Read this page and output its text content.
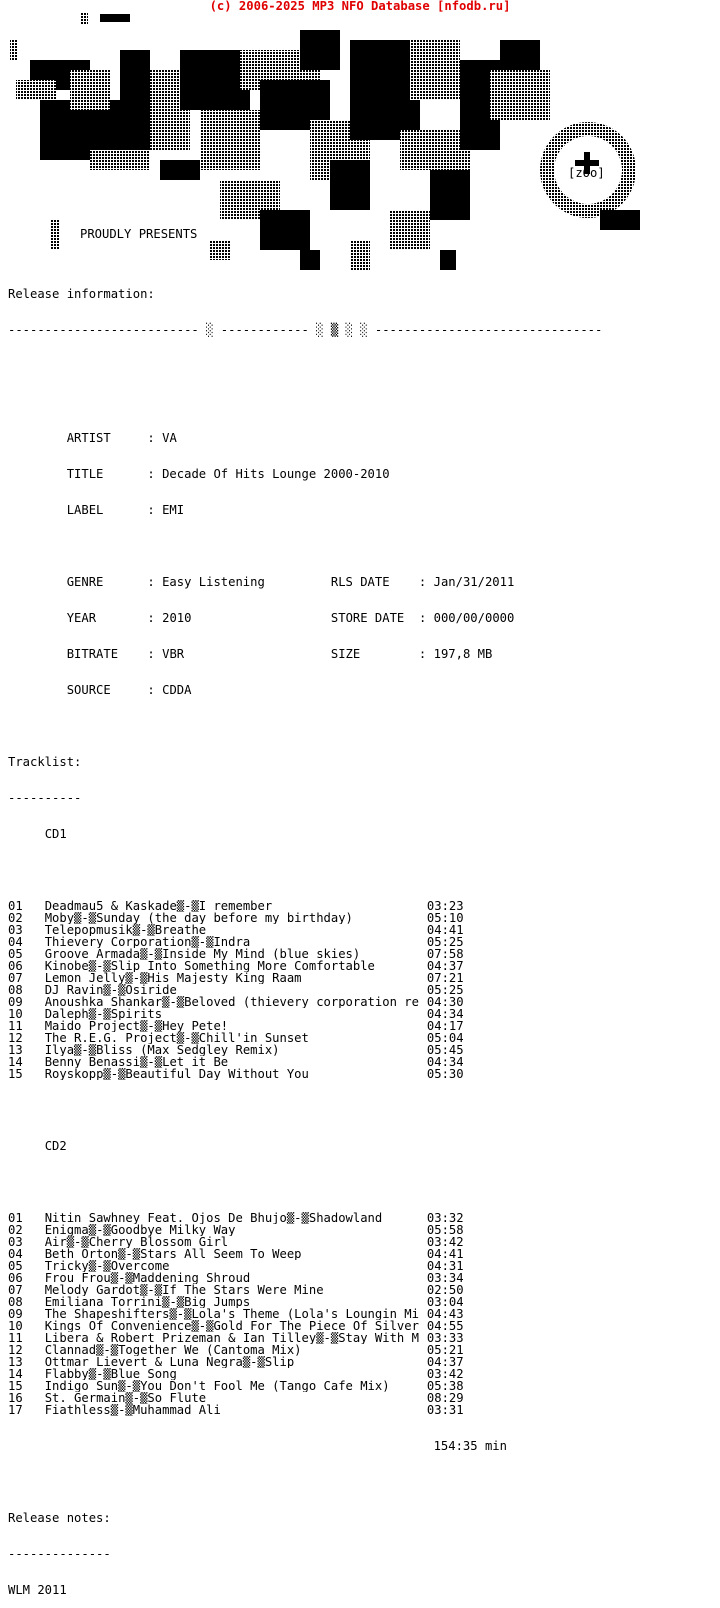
(c) 2006-2025 MP3 NFO Database [nfodb.ru]
[zOo]
PROUDLY PRESENTS

Release information:

-------------------------- ░ ------------ ░ ▒ ░ ░ -------------------------------

ARTIST     : VA

TITLE      : Decade Of Hits Lounge 2000-2010

LABEL      : EMI

GENRE      : Easy Listening	RLS DATE    : Jan/31/2011

YEAR       : 2010	STORE DATE  : 000/00/0000

BITRATE    : VBR	SIZE        : 197,8 MB

SOURCE     : CDDA

Tracklist:

----------

CD1

01 Deadmau5 & Kaskade▒-▒I remember	03:23
02 Moby▒-▒Sunday (the day before my birthday)	05:10
03 Telepopmusik▒-▒Breathe	04:41
04 Thievery Corporation▒-▒Indra	05:25
05 Groove Armada▒-▒Inside My Mind (blue skies)	07:58
06 Kinobe▒-▒Slip Into Something More Comfortable	04:37
07 Lemon Jelly▒-▒His Majesty King Raam	07:21
08 DJ Ravin▒-▒Osiride	05:25
09 Anoushka Shankar▒-▒Beloved (thievery corporation re 04:30
10 Daleph▒-▒Spirits	04:34
11 Maido Project▒-▒Hey Pete!	04:17
12 The R.E.G. Project▒-▒Chill'in Sunset	05:04
13 Ilya▒-▒Bliss (Max Sedgley Remix)	05:45
14 Benny Benassi▒-▒Let it Be	04:34
15 Royskopp▒-▒Beautiful Day Without You	05:30

CD2

01 Nitin Sawhney Feat. Ojos De Bhujo▒-▒Shadowland	03:32
02 Enigma▒-▒Goodbye Milky Way	05:58
03 Air▒-▒Cherry Blossom Girl	03:42
04 Beth Orton▒-▒Stars All Seem To Weep	04:41
05 Tricky▒-▒Overcome	04:31
06 Frou Frou▒-▒Maddening Shroud	03:34
07 Melody Gardot▒-▒If The Stars Were Mine	02:50
08 Emiliana Torrini▒-▒Big Jumps	03:04
09 The Shapeshifters▒-▒Lola's Theme (Lola's Loungin Mi 04:43
10 Kings Of Convenience▒-▒Gold For The Piece Of Silver 04:55
11 Libera & Robert Prizeman & Ian Tilley▒-▒Stay With M 03:33
12 Clannad▒-▒Together We (Cantoma Mix)	05:21
13 Ottmar Lievert & Luna Negra▒-▒Slip	04:37
14 Flabby▒-▒Blue Song	03:42
15 Indigo Sun▒-▒You Don't Fool Me (Tango Cafe Mix)	05:38
16 St. Germain▒-▒So Flute	08:29
17 Fiathless▒-▒Muhammad Ali	03:31

154:35 min

Release notes:

--------------

WLM 2011
